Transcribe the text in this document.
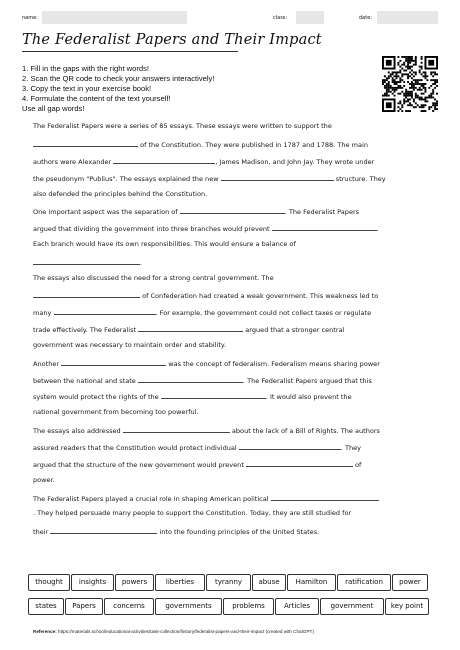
name:	class:	date:
The Federalist Papers and Their Impact
1. Fill in the gaps with the right words!
2. Scan the QR code to check your answers interactively!
3. Copy the text in your exercise book!
4. Formulate the content of the text yourself!
Use all gap words!
The Federalist Papers were a series of 85 essays. These essays were written to support the
of the Constitution. They were published in 1787 and 1788. The main
authors were Alexander	, James Madison, and John Jay. They wrote under
the pseudonym "Publius". The essays explained the new	structure. They
also defended the principles behind the Constitution.
One important aspect was the separation of	. The Federalist Papers
argued that dividing the government into three branches would prevent	.
Each branch would have its own responsibilities. This would ensure a balance of
.
The essays also discussed the need for a strong central government. The
of Confederation had created a weak government. This weakness led to
many	. For example, the government could not collect taxes or regulate
trade effectively. The Federalist	argued that a stronger central
government was necessary to maintain order and stability.
Another	was the concept of federalism. Federalism means sharing power
between the national and state	. The Federalist Papers argued that this
system would protect the rights of the	. It would also prevent the
national government from becoming too powerful.
The essays also addressed	about the lack of a Bill of Rights. The authors
assured readers that the Constitution would protect individual	. They
argued that the structure of the new government would prevent	of
power.
The Federalist Papers played a crucial role in shaping American political
. They helped persuade many people to support the Constitution. Today, they are still studied for
their	into the founding principles of the United States.
thought	insights	powers	liberties	tyranny	abuse	Hamilton	ratification	power
states	Papers	concerns	governments	problems	Articles	government	key point
Reference: https://materials.school/educational-activities/task-collection/history/federalist-papers-and-their-impact (created with ChatGPT)
